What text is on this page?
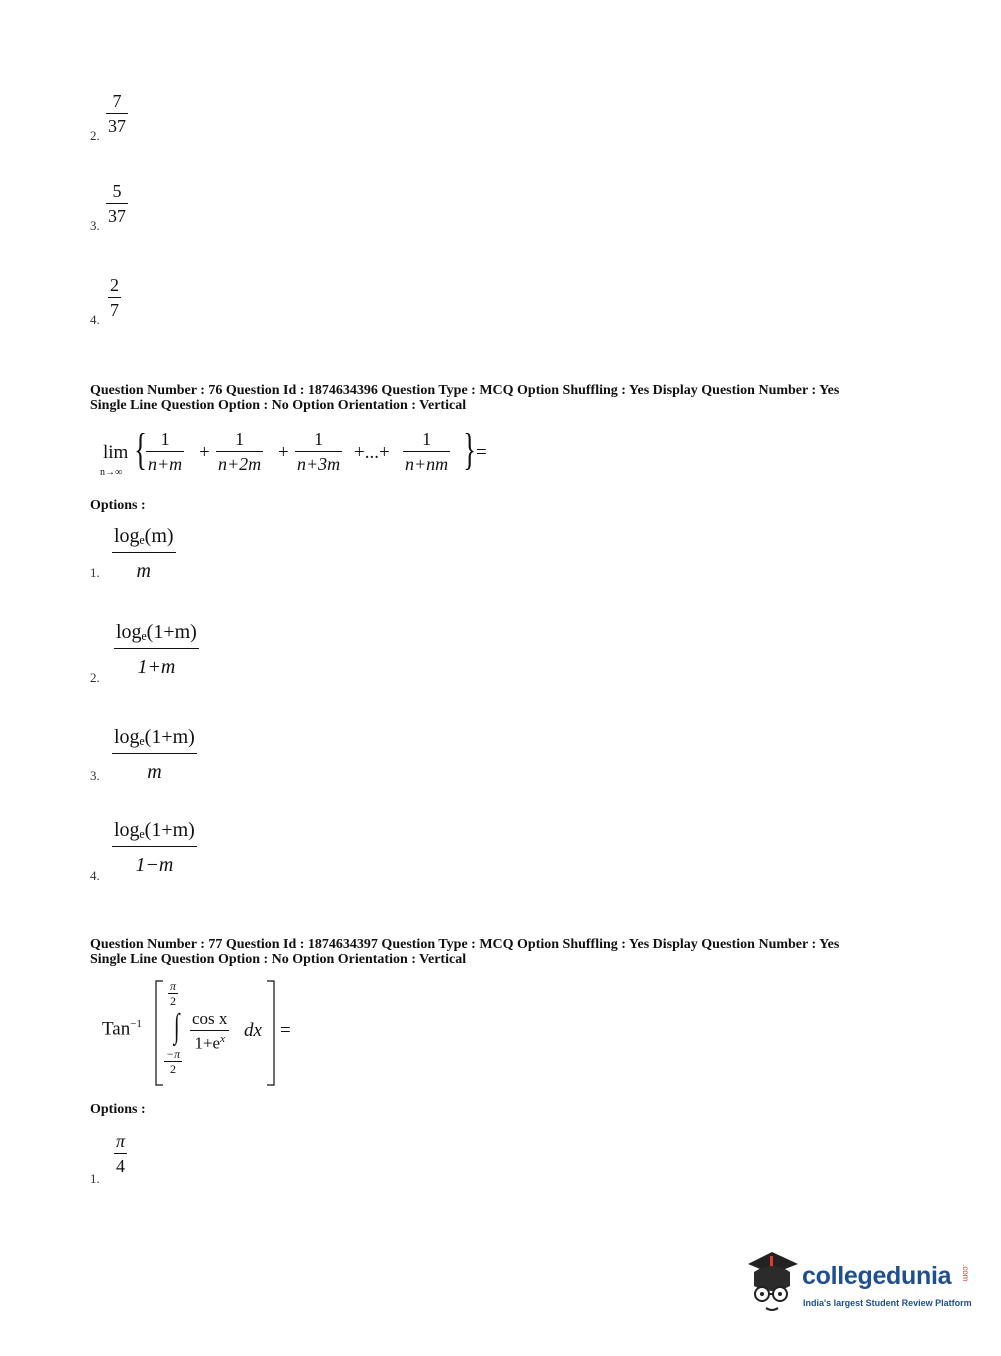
2.
7
37
3.
5
37
4.
2
7
Question Number : 76 Question Id : 1874634396 Question Type : MCQ Option Shuffling : Yes Display Question Number : Yes
Single Line Question Option : No Option Orientation : Vertical
lim
n→∞ { 1
n+m
+
1
n+2m
+
1
n+3m
+...+
1
n+nm } =
Options :
1.
logₑ(m)
m
2.
logₑ(1+m)
1+m
3.
logₑ(1+m)
m
4.
logₑ(1+m)
1−m
Question Number : 77 Question Id : 1874634397 Question Type : MCQ Option Shuffling : Yes Display Question Number : Yes
Single Line Question Option : No Option Orientation : Vertical
Tan$^{-1}$
π
2
∫
−π
2
cos x
$1+e^x$ dx =
Options :
1.
π
4
collegedunia .com
India's largest Student Review Platform
